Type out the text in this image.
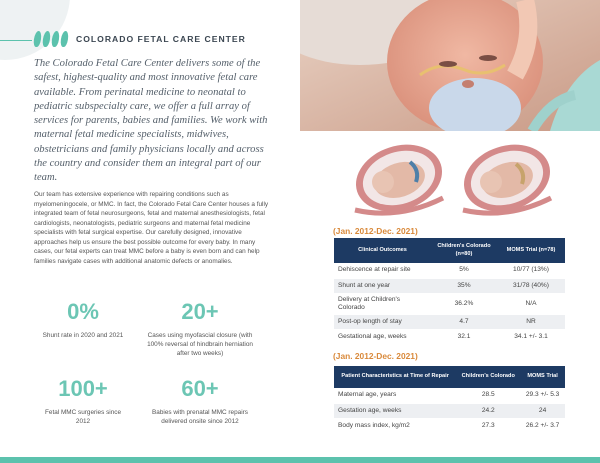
COLORADO FETAL CARE CENTER

The Colorado Fetal Care Center delivers some of the safest, highest-quality and most innovative fetal care available. From perinatal medicine to neonatal to pediatric subspecialty care, we offer a full array of services for parents, babies and families. We work with maternal fetal medicine specialists, midwives, obstetricians and family physicians locally and across the country and consider them an integral part of our team.

Our team has extensive experience with repairing conditions such as myelomeningocele, or MMC. In fact, the Colorado Fetal Care Center houses a fully integrated team of fetal neurosurgeons, fetal and maternal anesthesiologists, fetal cardiologists, neonatologists, pediatric surgeons and maternal fetal medicine specialists with fetal surgical expertise. Our carefully designed, innovative approaches help us ensure the best possible outcome for every baby. In many cases, our fetal experts can treat MMC before a baby is even born and can help families navigate cases with additional anatomic defects or anomalies.

0%
Shunt rate in 2020 and 2021
20+
Cases using myofascial closure (with 100% reversal of hindbrain herniation after two weeks)
100+
Fetal MMC surgeries since 2012
60+
Babies with prenatal MMC repairs delivered onsite since 2012
(Jan. 2012-Dec. 2021)
Clinical Outcomes	Children's Colorado (n=80)	MOMS Trial (n=78)
Dehiscence at repair site	5%	10/77 (13%)
Shunt at one year	35%	31/78 (40%)
Delivery at Children's Colorado	36.2%	N/A
Post-op length of stay	4.7	NR
Gestational age, weeks	32.1	34.1 +/- 3.1
(Jan. 2012-Dec. 2021)
Patient Characteristics at Time of Repair	Children's Colorado	MOMS Trial
Maternal age, years	28.5	29.3 +/- 5.3
Gestation age, weeks	24.2	24
Body mass index, kg/m2	27.3	26.2 +/- 3.7
